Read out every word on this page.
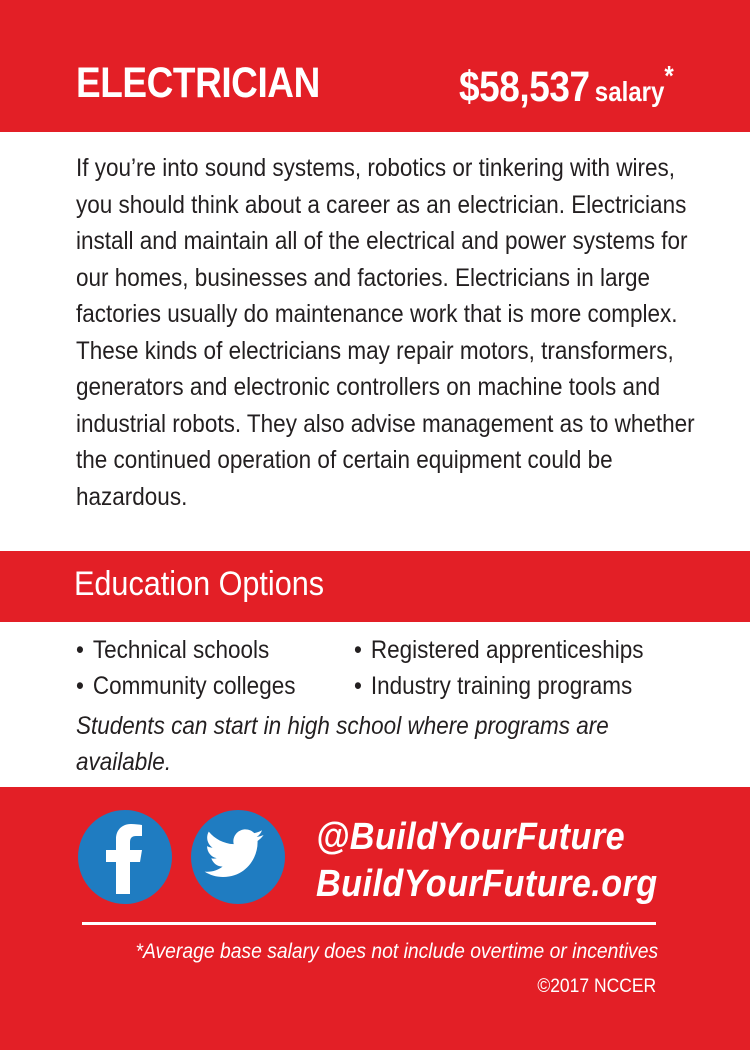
ELECTRICIAN	$58,537 salary*
If you’re into sound systems, robotics or tinkering with wires, you should think about a career as an electrician. Electricians install and maintain all of the electrical and power systems for our homes, businesses and factories. Electricians in large factories usually do maintenance work that is more complex. These kinds of electricians may repair motors, transformers, generators and electronic controllers on machine tools and industrial robots. They also advise management as to whether the continued operation of certain equipment could be hazardous.
Education Options
• Technical schools
• Community colleges
• Registered apprenticeships
• Industry training programs
Students can start in high school where programs are available.
@BuildYourFuture
BuildYourFuture.org
*Average base salary does not include overtime or incentives
©2017 NCCER
